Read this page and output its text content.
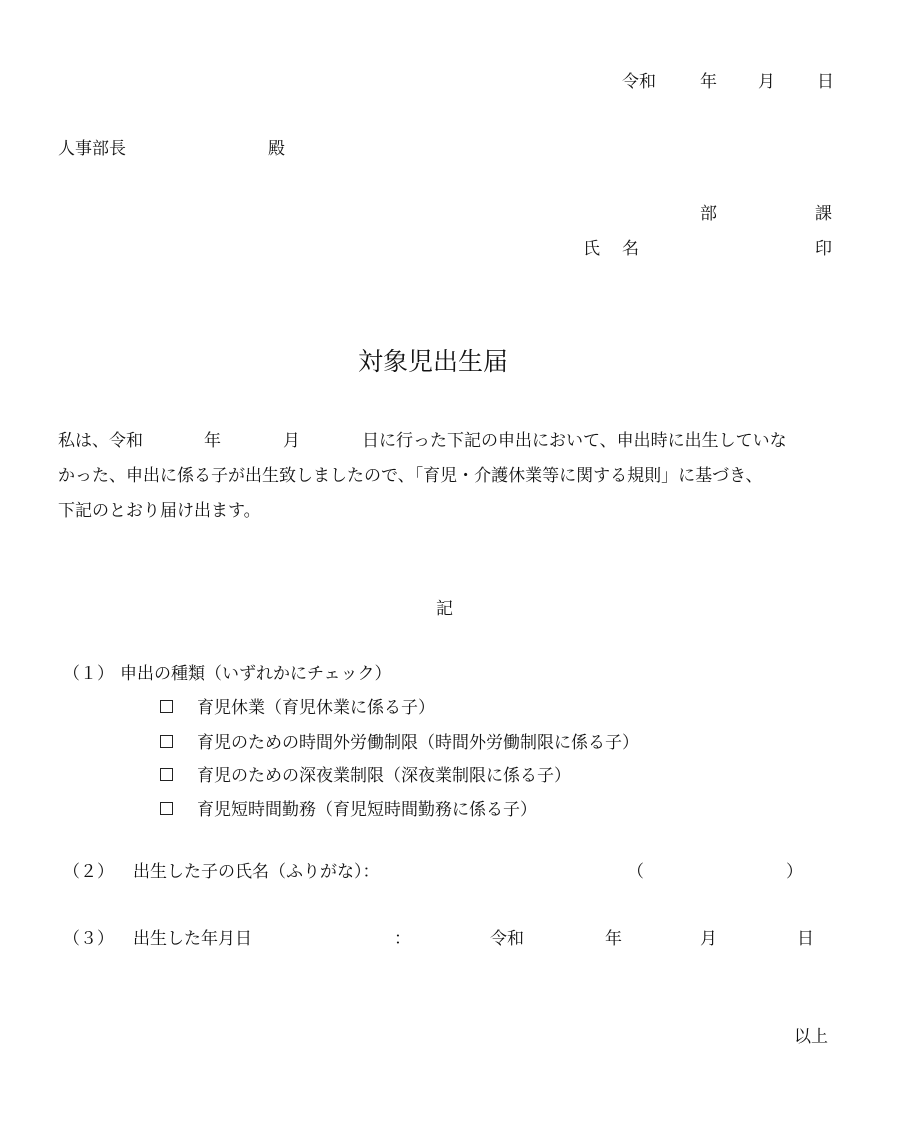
令和	年 月 日
人事部長	殿
部	課
氏 名	印
対象児出生届
私は、令和	年	月	日に行った下記の申出において、申出時に出生していな
かった、申出に係る子が出生致しましたので、「育児・介護休業等に関する規則」に基づき、
下記のとおり届け出ます。
記
（１） 申出の種類（いずれかにチェック）
育児休業（育児休業に係る子）
育児のための時間外労働制限（時間外労働制限に係る子）
育児のための深夜業制限（深夜業制限に係る子）
育児短時間勤務（育児短時間勤務に係る子）
（２） 出生した子の氏名（ふりがな）：	（	）
（３） 出生した年月日	：	令和	年	月	日
以上
